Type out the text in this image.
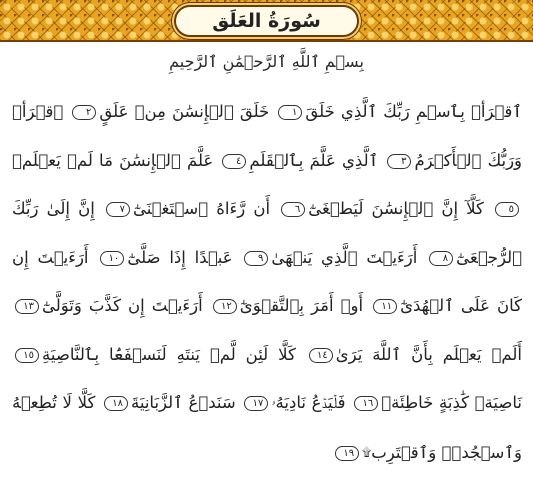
سُورَةُ العَلَق
بِسۡمِ ٱللَّهِ ٱلرَّحۡمَٰنِ ٱلرَّحِيمِ
ٱقۡرَأۡ بِٱسۡمِ رَبِّكَ ٱلَّذِي خَلَقَ١ خَلَقَ ٱلۡإِنسَٰنَ مِنۡ عَلَقٍ٢ ٱقۡرَأۡ وَرَبُّكَ ٱلۡأَكۡرَمُ٣ ٱلَّذِي عَلَّمَ بِٱلۡقَلَمِ٤ عَلَّمَ ٱلۡإِنسَٰنَ مَا لَمۡ يَعۡلَمۡ٥ كَلَّآ إِنَّ ٱلۡإِنسَٰنَ لَيَطۡغَىٰٓ٦ أَن رَّءَاهُ ٱسۡتَغۡنَىٰٓ٧ إِنَّ إِلَىٰ رَبِّكَ ٱلرُّجۡعَىٰٓ٨ أَرَءَيۡتَ ٱلَّذِي يَنۡهَىٰ٩ عَبۡدًا إِذَا صَلَّىٰٓ١٠ أَرَءَيۡتَ إِن كَانَ عَلَى ٱلۡهُدَىٰٓ١١ أَوۡ أَمَرَ بِٱلتَّقۡوَىٰٓ١٢ أَرَءَيۡتَ إِن كَذَّبَ وَتَوَلَّىٰٓ١٣ أَلَمۡ يَعۡلَم بِأَنَّ ٱللَّهَ يَرَىٰ١٤ كَلَّا لَئِن لَّمۡ يَنتَهِ لَنَسۡفَعَۢا بِٱلنَّاصِيَةِ١٥ نَاصِيَةٖ كَٰذِبَةٍ خَاطِئَةٖ١٦ فَلۡيَدۡعُ نَادِيَهُۥ١٧ سَنَدۡعُ ٱلزَّبَانِيَةَ١٨ كَلَّا لَا تُطِعۡهُ وَٱسۡجُدۡۤ وَٱقۡتَرِب۩١٩
